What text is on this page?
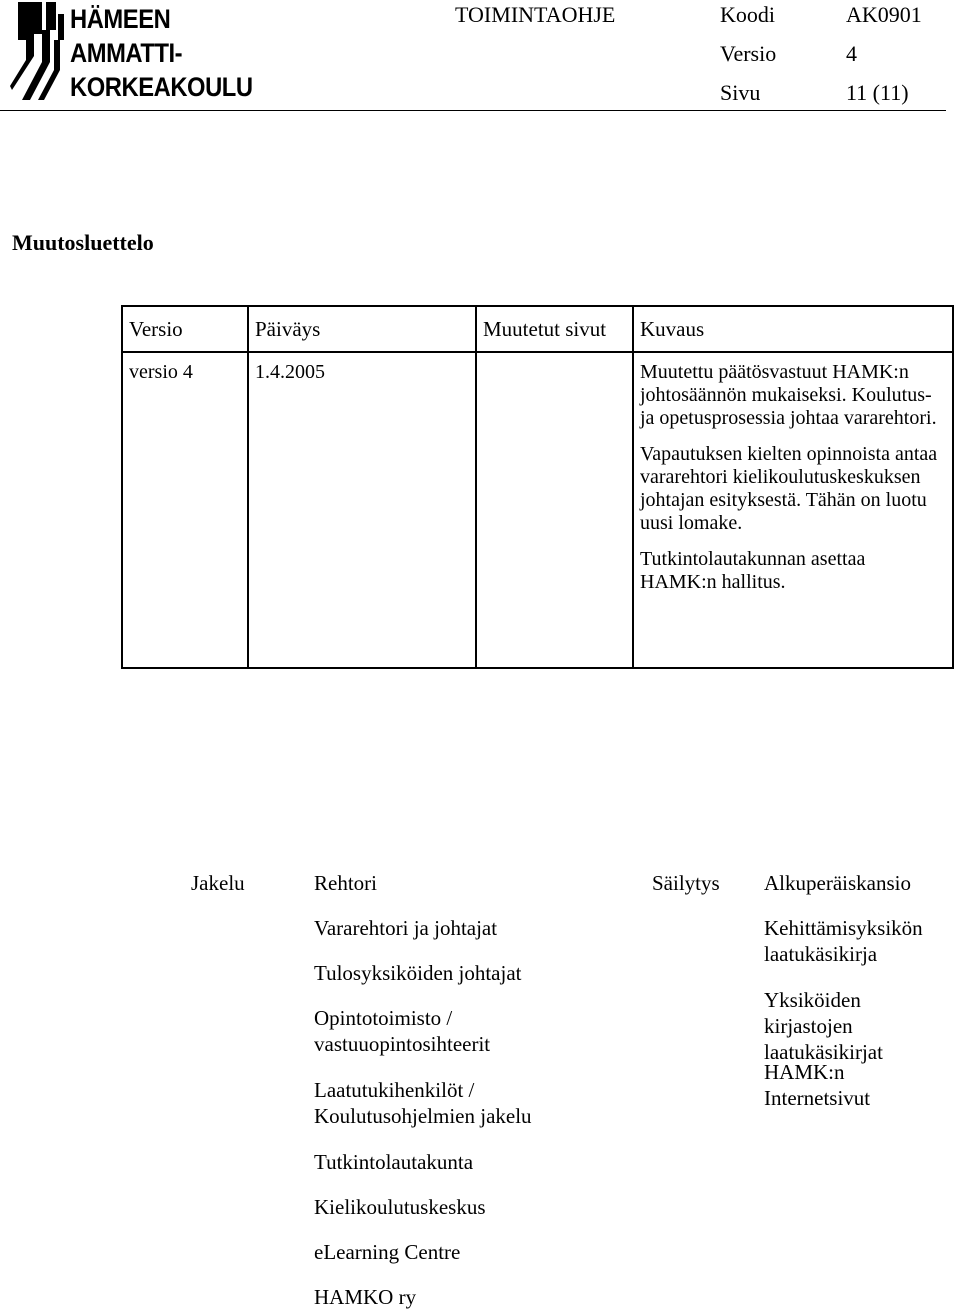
HÄMEEN
AMMATTI-
KORKEAKOULU
TOIMINTAOHJE	Koodi	AK0901
Versio	4
Sivu	11 (11)
Muutosluettelo
Versio	Päiväys	Muutetut sivut	Kuvaus
versio 4	1.4.2005		Muutettu päätösvastuut HAMK:n johtosäännön mukaiseksi. Koulutus- ja opetusprosessia johtaa vararehtori.

Vapautuksen kielten opinnoista antaa vararehtori kielikoulutuskeskuksen johtajan esityksestä. Tähän on luotu uusi lomake.

Tutkintolautakunnan asettaa HAMK:n hallitus.

Jakelu	Rehtori
Vararehtori ja johtajat
Tulosyksiköiden johtajat
Opintotoimisto / vastuuopintosihteerit
Laatutukihenkilöt / Koulutusohjelmien jakelu
Tutkintolautakunta
Kielikoulutuskeskus
eLearning Centre
HAMKO ry
Säilytys Alkuperäiskansio
Kehittämisyksikön laatukäsikirja
Yksiköiden kirjastojen laatukäsikirjat
HAMK:n Internetsivut
